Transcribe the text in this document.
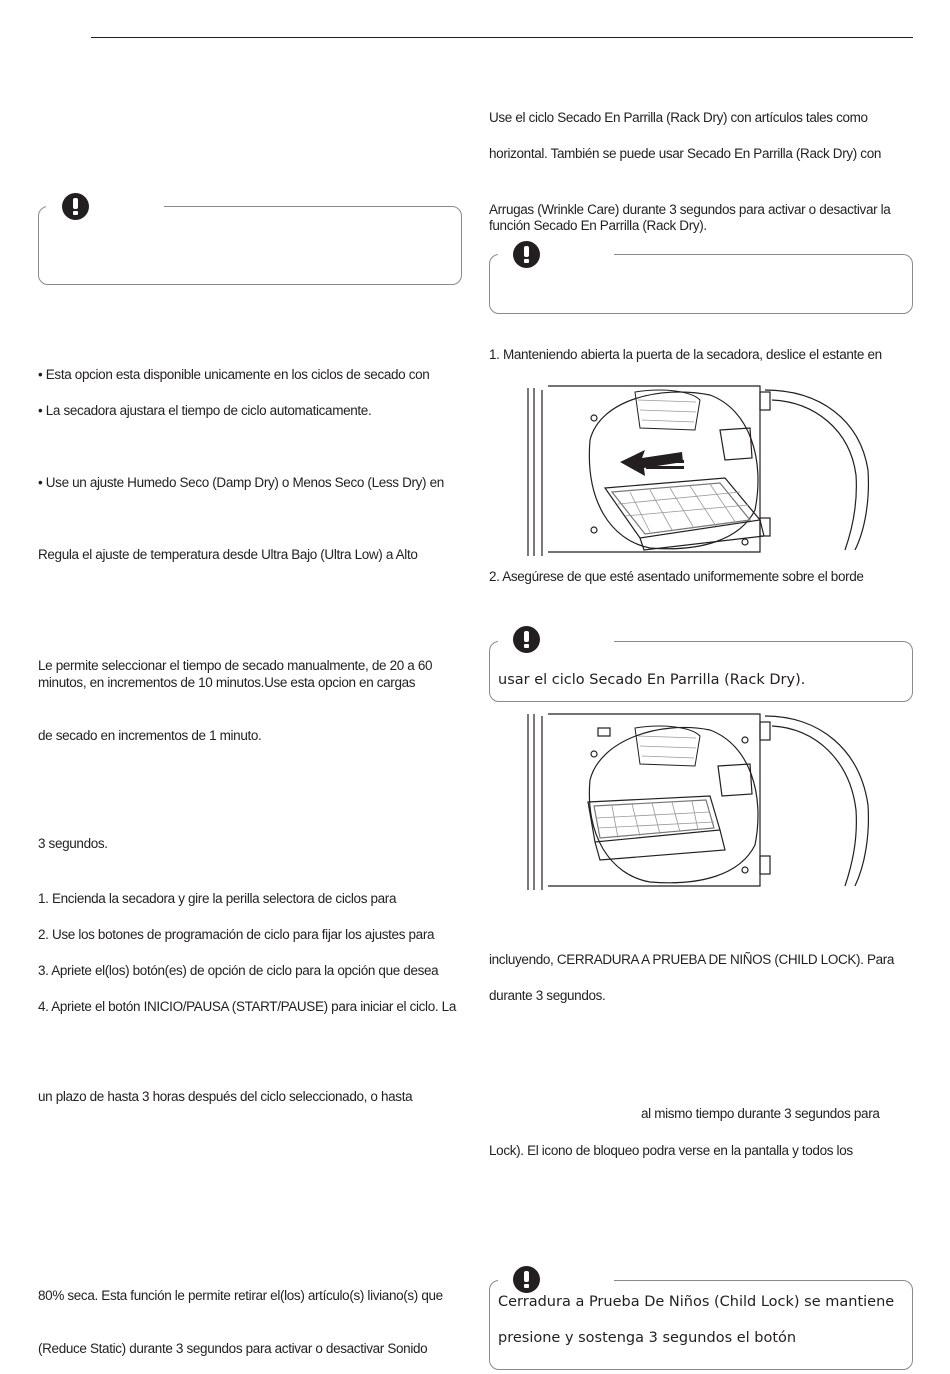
• Esta opcion esta disponible unicamente en los ciclos de secado con
• La secadora ajustara el tiempo de ciclo automaticamente.
• Use un ajuste Humedo Seco (Damp Dry) o Menos Seco (Less Dry) en
Regula el ajuste de temperatura desde Ultra Bajo (Ultra Low) a Alto
Le permite seleccionar el tiempo de secado manualmente, de 20 a 60 minutos, en incrementos de 10 minutos.Use esta opcion en cargas
de secado en incrementos de 1 minuto.
3 segundos.
1. Encienda la secadora y gire la perilla selectora de ciclos para
2. Use los botones de programación de ciclo para fijar los ajustes para
3. Apriete el(los) botón(es) de opción de ciclo para la opción que desea
4. Apriete el botón INICIO/PAUSA (START/PAUSE) para iniciar el ciclo. La
un plazo de hasta 3 horas después del ciclo seleccionado, o hasta
80% seca. Esta función le permite retirar el(los) artículo(s) liviano(s) que
(Reduce Static) durante 3 segundos para activar o desactivar Sonido
Use el ciclo Secado En Parrilla (Rack Dry) con artículos tales como
horizontal. También se puede usar Secado En Parrilla (Rack Dry) con
Arrugas (Wrinkle Care) durante 3 segundos para activar o desactivar la función Secado En Parrilla (Rack Dry).
1. Manteniendo abierta la puerta de la secadora, deslice el estante en
2. Asegúrese de que esté asentado uniformemente sobre el borde
usar el ciclo Secado En Parrilla (Rack Dry).
incluyendo, CERRADURA A PRUEBA DE NIÑOS (CHILD LOCK). Para
durante 3 segundos.
al mismo tiempo durante 3 segundos para
Lock). El icono de bloqueo podra verse en la pantalla y todos los
Cerradura a Prueba De Niños (Child Lock) se mantiene
presione y sostenga 3 segundos el botón
